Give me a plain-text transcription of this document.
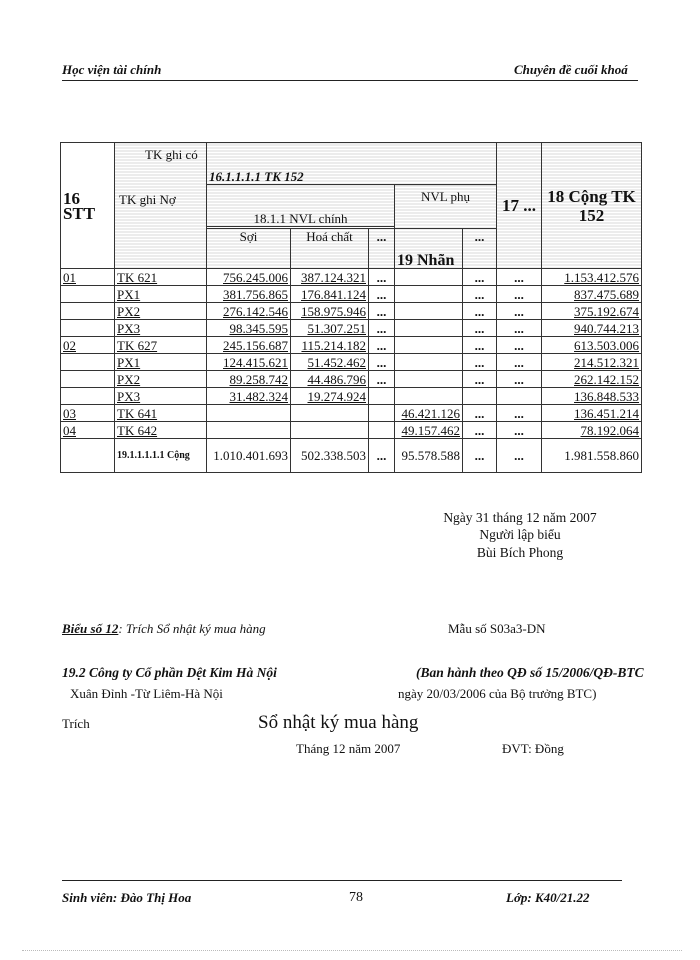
Học viện tài chính	Chuyên đề cuối khoá
16 STT	TK ghi có
TK ghi Nợ	16.1.1.1.1 TK 152					17 ...	18 Cộng TK 152
		18.1.1 NVL chính			NVL phụ			

		Sợi	Hoá chất	...	19 Nhãn	...		
01	TK 621	756.245.006	387.124.321	...		...	...	1.153.412.576
	PX1	381.756.865	176.841.124	...		...	...	837.475.689
	PX2	276.142.546	158.975.946	...		...	...	375.192.674
	PX3	98.345.595	51.307.251	...		...	...	940.744.213
02	TK 627	245.156.687	115.214.182	...		...	...	613.503.006
	PX1	124.415.621	51.452.462	...		...	...	214.512.321
	PX2	89.258.742	44.486.796	...		...	...	262.142.152
	PX3	31.482.324	19.274.924					136.848.533
03	TK 641				46.421.126	...	...	136.451.214
04	TK 642				49.157.462	...	...	78.192.064
	19.1.1.1.1.1 Cộng	1.010.401.693	502.338.503	...	95.578.588	...	...	1.981.558.860
Ngày 31 tháng 12 năm 2007
Người lập biểu
Bùi Bích Phong
Biểu số 12: Trích Sổ nhật ký mua hàng	Mẫu số S03a3-DN
19.2 Công ty Cổ phần Dệt Kim Hà Nội	(Ban hành theo QĐ số 15/2006/QĐ-BTC
Xuân Đỉnh -Từ Liêm-Hà Nội	ngày 20/03/2006 của Bộ trưởng BTC)
Trích	Sổ nhật ký mua hàng
Tháng 12 năm 2007	ĐVT: Đồng
Sinh viên: Đào Thị Hoa	78	Lớp: K40/21.22
